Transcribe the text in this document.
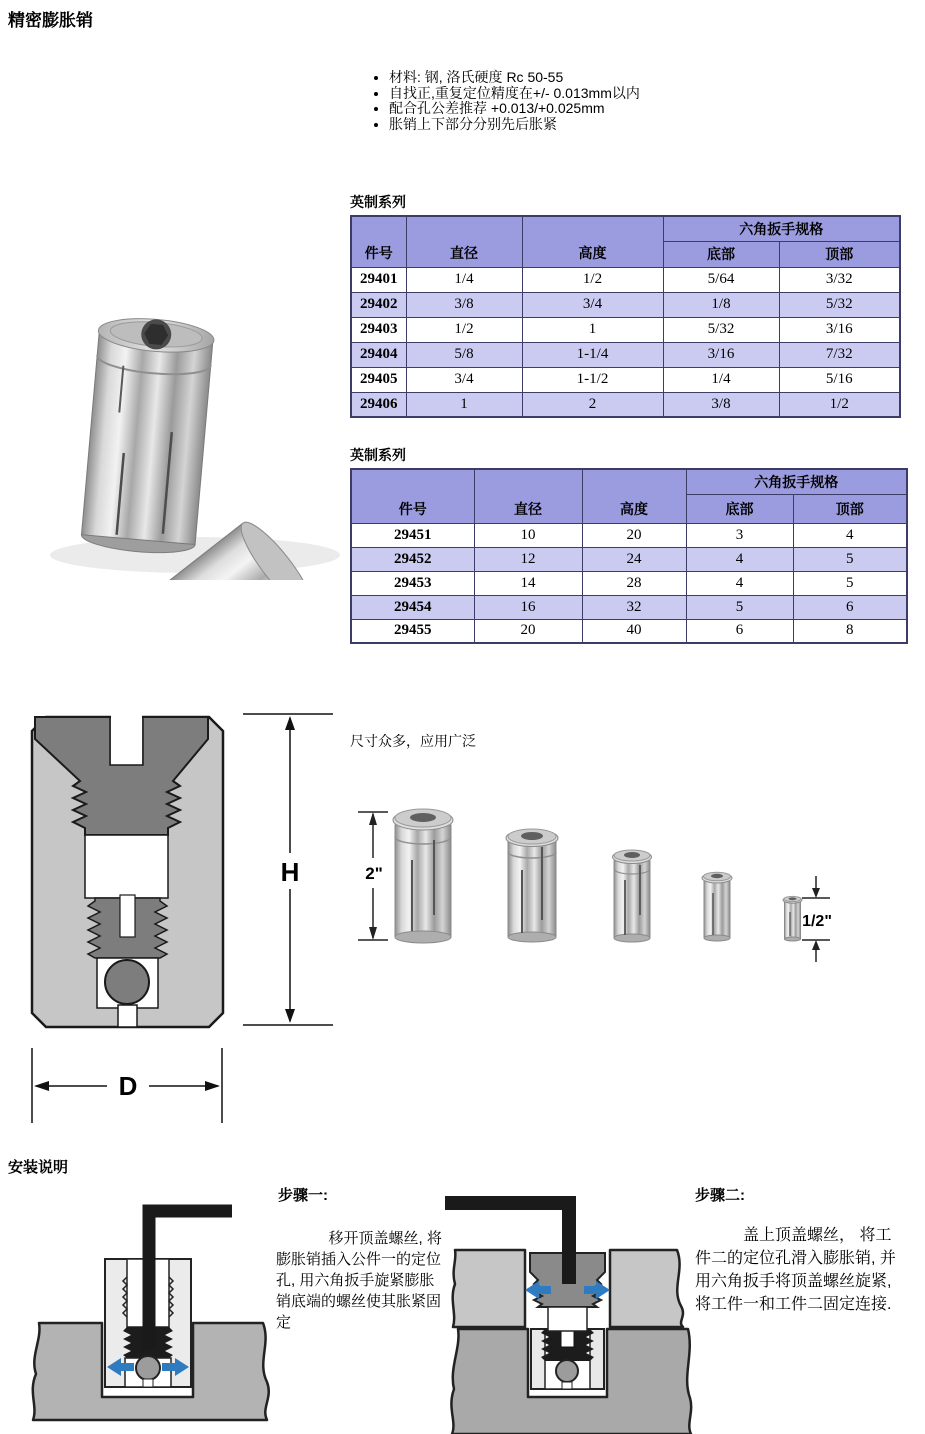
精密膨胀销
• 材料: 钢, 洛氏硬度 Rc 50-55
• 自找正,重复定位精度在+/- 0.013mm以内
• 配合孔公差推荐 +0.013/+0.025mm
• 胀销上下部分分别先后胀紧
英制系列
件号	直径	高度	六角扳手规格	
			底部	顶部
29401	1/4	1/2	5/64	3/32
29402	3/8	3/4	1/8	5/32
29403	1/2	1	5/32	3/16
29404	5/8	1-1/4	3/16	7/32
29405	3/4	1-1/2	1/4	5/16
29406	1	2	3/8	1/2
英制系列
件号	直径	高度	六角扳手规格	
			底部	顶部
29451	10	20	3	4
29452	12	24	4	5
29453	14	28	4	5
29454	16	32	5	6
29455	20	40	6	8
H
D
尺寸众多，应用广泛
2"
1/2"
安装说明
步骤一:
移开顶盖螺丝, 将膨胀销插入公件一的定位孔, 用六角扳手旋紧膨胀销底端的螺丝使其胀紧固定
步骤二:
盖上顶盖螺丝， 将工件二的定位孔滑入膨胀销, 并用六角扳手将顶盖螺丝旋紧, 将工件一和工件二固定连接.
